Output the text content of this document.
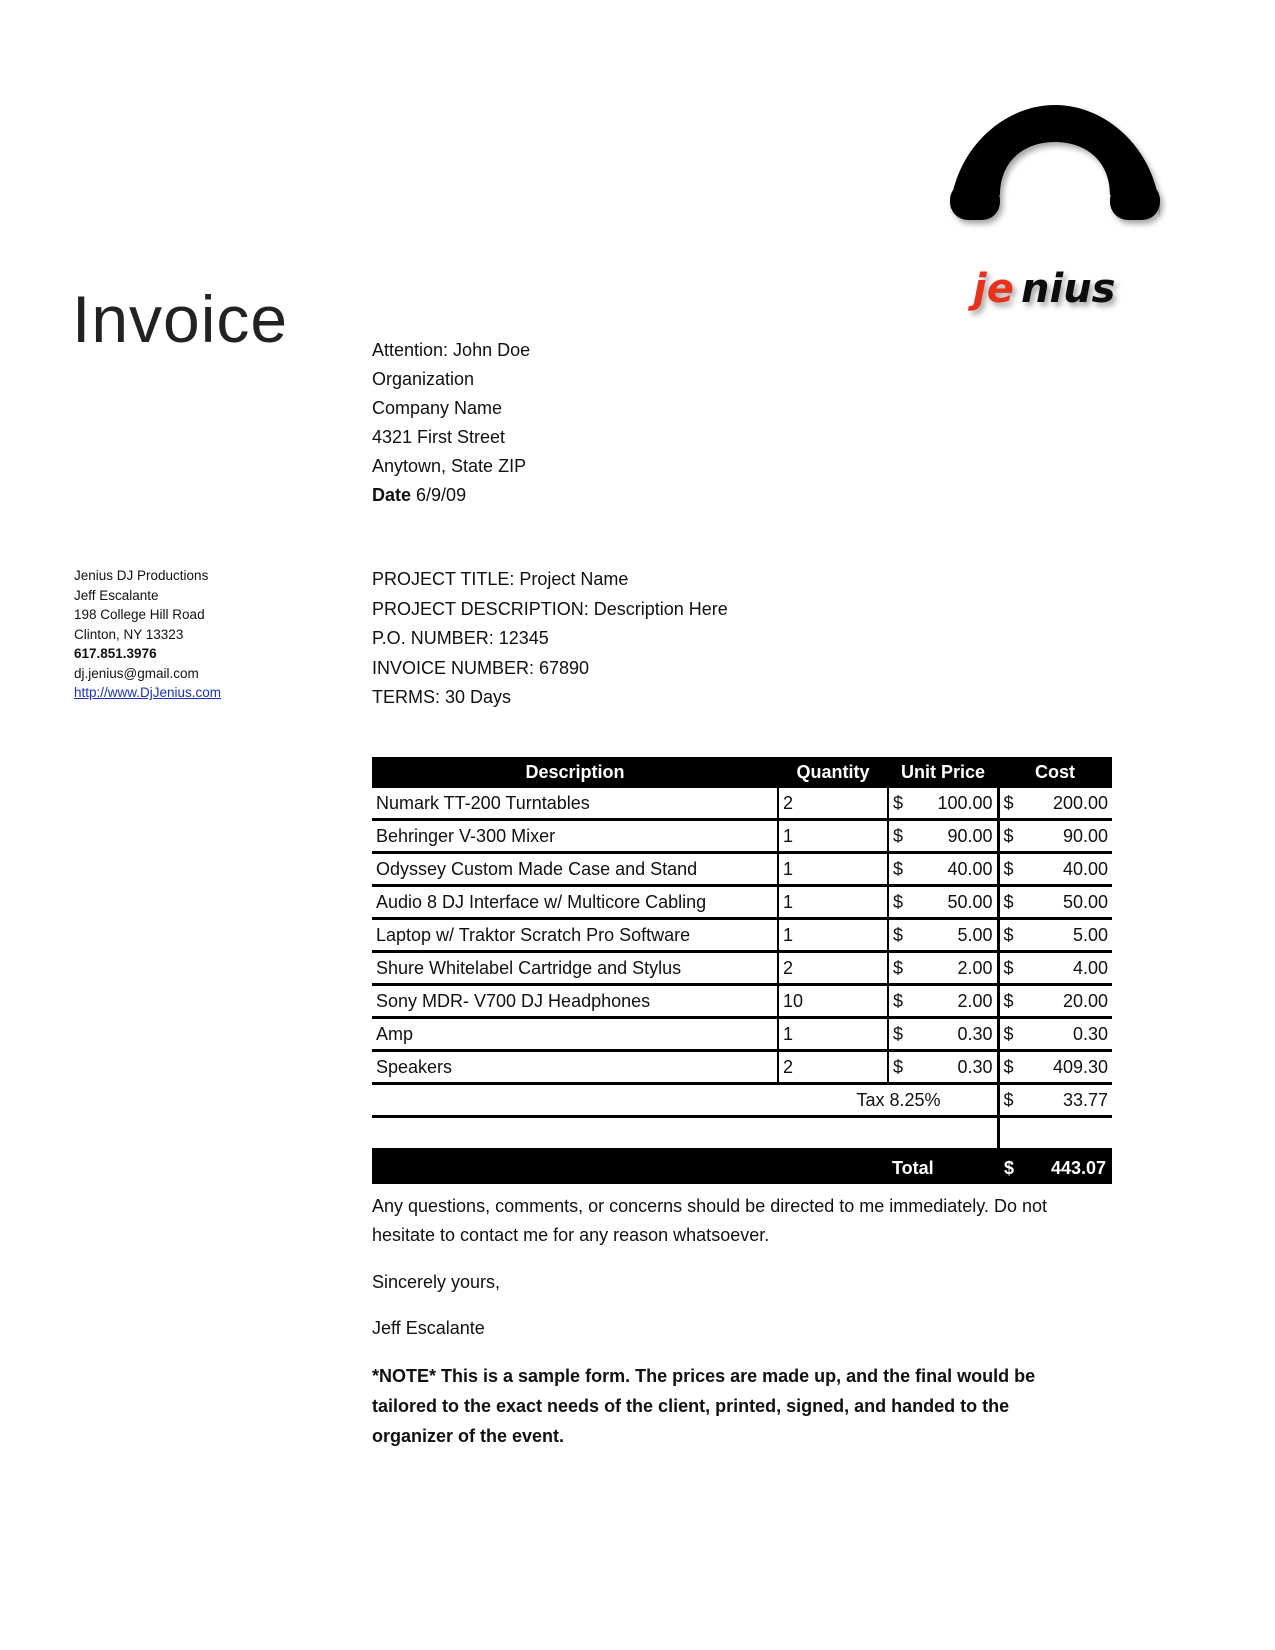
je nius
Invoice	Attention: John Doe
Organization
Company Name
4321 First Street
Anytown, State ZIP
Date 6/9/09
Jenius DJ Productions
Jeff Escalante
198 College Hill Road
Clinton, NY 13323
617.851.3976
dj.jenius@gmail.com
http://www.DjJenius.com
PROJECT TITLE: Project Name
PROJECT DESCRIPTION: Description Here
P.O. NUMBER: 12345
INVOICE NUMBER: 67890
TERMS: 30 Days
Description	Quantity	Unit Price	Cost
Numark TT-200 Turntables	2	$ 100.00	$ 200.00

Behringer V-300 Mixer	1	$ 90.00	$ 90.00

Odyssey Custom Made Case and Stand	1	$ 40.00	$ 40.00

Audio 8 DJ Interface w/ Multicore Cabling	1	$ 50.00	$ 50.00

Laptop w/ Traktor Scratch Pro Software	1	$ 5.00	$ 5.00

Shure Whitelabel Cartridge and Stylus	2	$ 2.00	$ 4.00

Sony MDR- V700 DJ Headphones	10	$ 2.00	$ 20.00

Amp	1	$ 0.30	$ 0.30

Speakers	2	$ 0.30	$ 409.30

Tax 8.25%			$ 33.77

Total	$ 443.07

Any questions, comments, or concerns should be directed to me immediately. Do not hesitate to contact me for any reason whatsoever.

Sincerely yours,

Jeff Escalante

*NOTE* This is a sample form. The prices are made up, and the final would be tailored to the exact needs of the client, printed, signed, and handed to the organizer of the event.
